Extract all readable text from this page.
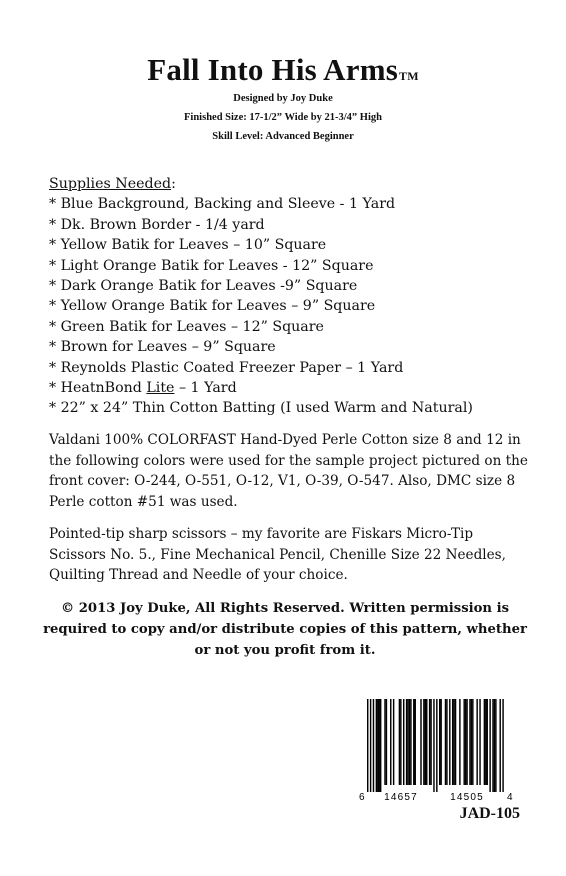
Fall Into His Arms™

Designed by Joy Duke

Finished Size: 17-1/2” Wide by 21-3/4” High

Skill Level: Advanced Beginner

Supplies Needed:
* Blue Background, Backing and Sleeve - 1 Yard
* Dk. Brown Border - 1/4 yard
* Yellow Batik for Leaves – 10” Square
* Light Orange Batik for Leaves - 12” Square
* Dark Orange Batik for Leaves -9” Square
* Yellow Orange Batik for Leaves – 9” Square
* Green Batik for Leaves – 12” Square
* Brown for Leaves – 9” Square
* Reynolds Plastic Coated Freezer Paper – 1 Yard
* HeatnBond Lite – 1 Yard
* 22” x 24” Thin Cotton Batting (I used Warm and Natural)

Valdani 100% COLORFAST Hand-Dyed Perle Cotton size 8 and 12 in the following colors were used for the sample project pictured on the front cover: O-244, O-551, O-12, V1, O-39, O-547. Also, DMC size 8 Perle cotton #51 was used.

Pointed-tip sharp scissors – my favorite are Fiskars Micro-Tip Scissors No. 5., Fine Mechanical Pencil, Chenille Size 22 Needles, Quilting Thread and Needle of your choice.

© 2013 Joy Duke, All Rights Reserved. Written permission is required to copy and/or distribute copies of this pattern, whether or not you profit from it.

6 14657	14505 4

JAD-105
